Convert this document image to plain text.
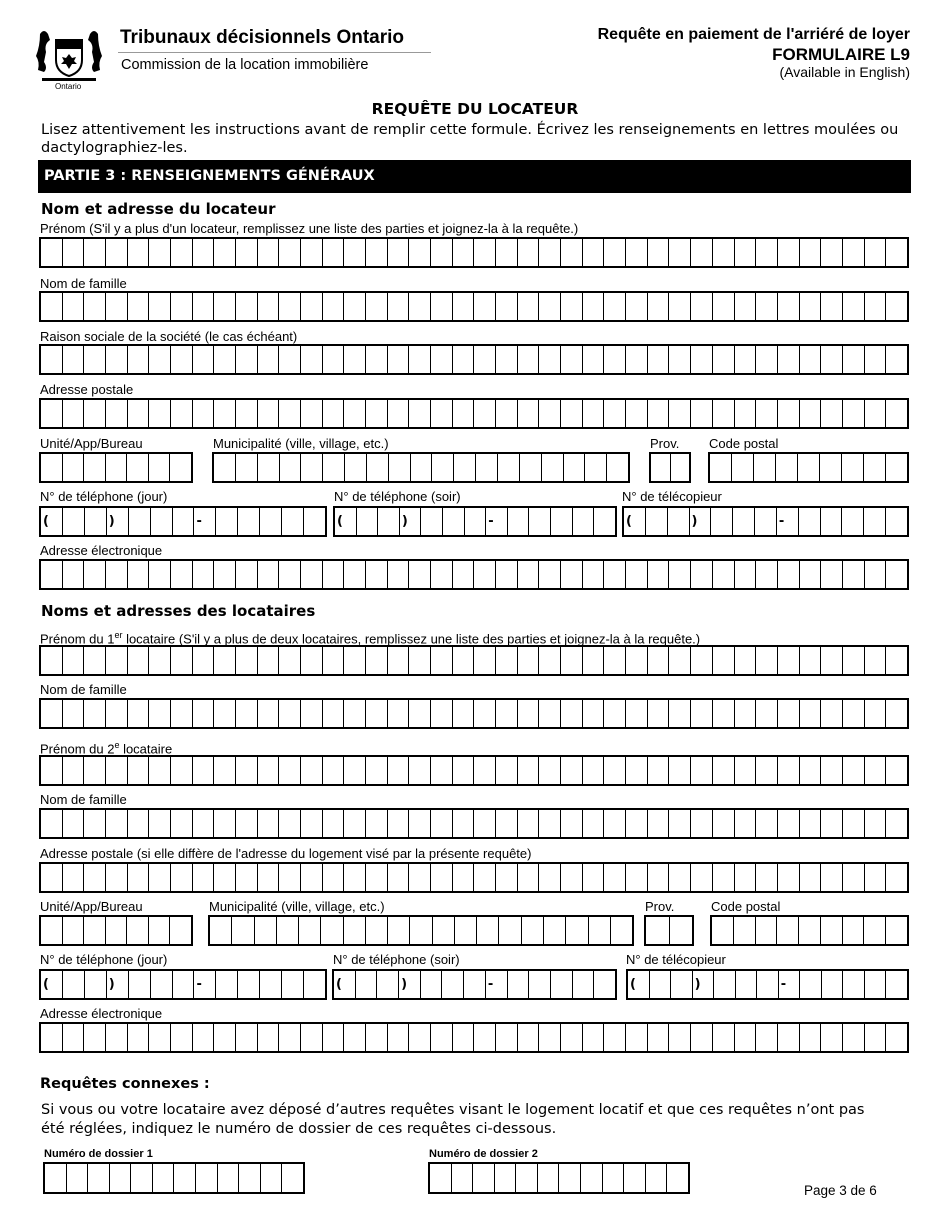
Ontario
Tribunaux décisionnels Ontario
Commission de la location immobilière
Requête en paiement de l'arriéré de loyer
FORMULAIRE L9
(Available in English)
REQUÊTE DU LOCATEUR
Lisez attentivement les instructions avant de remplir cette formule. Écrivez les renseignements en lettres moulées ou dactylographiez-les.
PARTIE 3 : RENSEIGNEMENTS GÉNÉRAUX
Nom et adresse du locateur
Prénom (S'il y a plus d'un locateur, remplissez une liste des parties et joignez-la à la requête.)
Nom de famille
Raison sociale de la société (le cas échéant)
Adresse postale
Unité/App/Bureau	Municipalité (ville, village, etc.)	Prov. Code postal
N° de téléphone (jour)	N° de téléphone (soir)	N° de télécopieur
(	)	-	(	)	-	(	)	-
Adresse électronique
Noms et adresses des locataires
Prénom du 1er locataire (S'il y a plus de deux locataires, remplissez une liste des parties et joignez-la à la requête.)
Nom de famille
Prénom du 2e locataire
Nom de famille
Adresse postale (si elle diffère de l'adresse du logement visé par la présente requête)
Unité/App/Bureau	Municipalité (ville, village, etc.)	Prov.	Code postal
N° de téléphone (jour)	N° de téléphone (soir)	N° de télécopieur
(	)	-	(	)	-	(	)	-
Adresse électronique
Requêtes connexes :
Si vous ou votre locataire avez déposé d’autres requêtes visant le logement locatif et que ces requêtes n’ont pas été réglées, indiquez le numéro de dossier de ces requêtes ci-dessous.
Numéro de dossier 1	Numéro de dossier 2
Page 3 de 6
